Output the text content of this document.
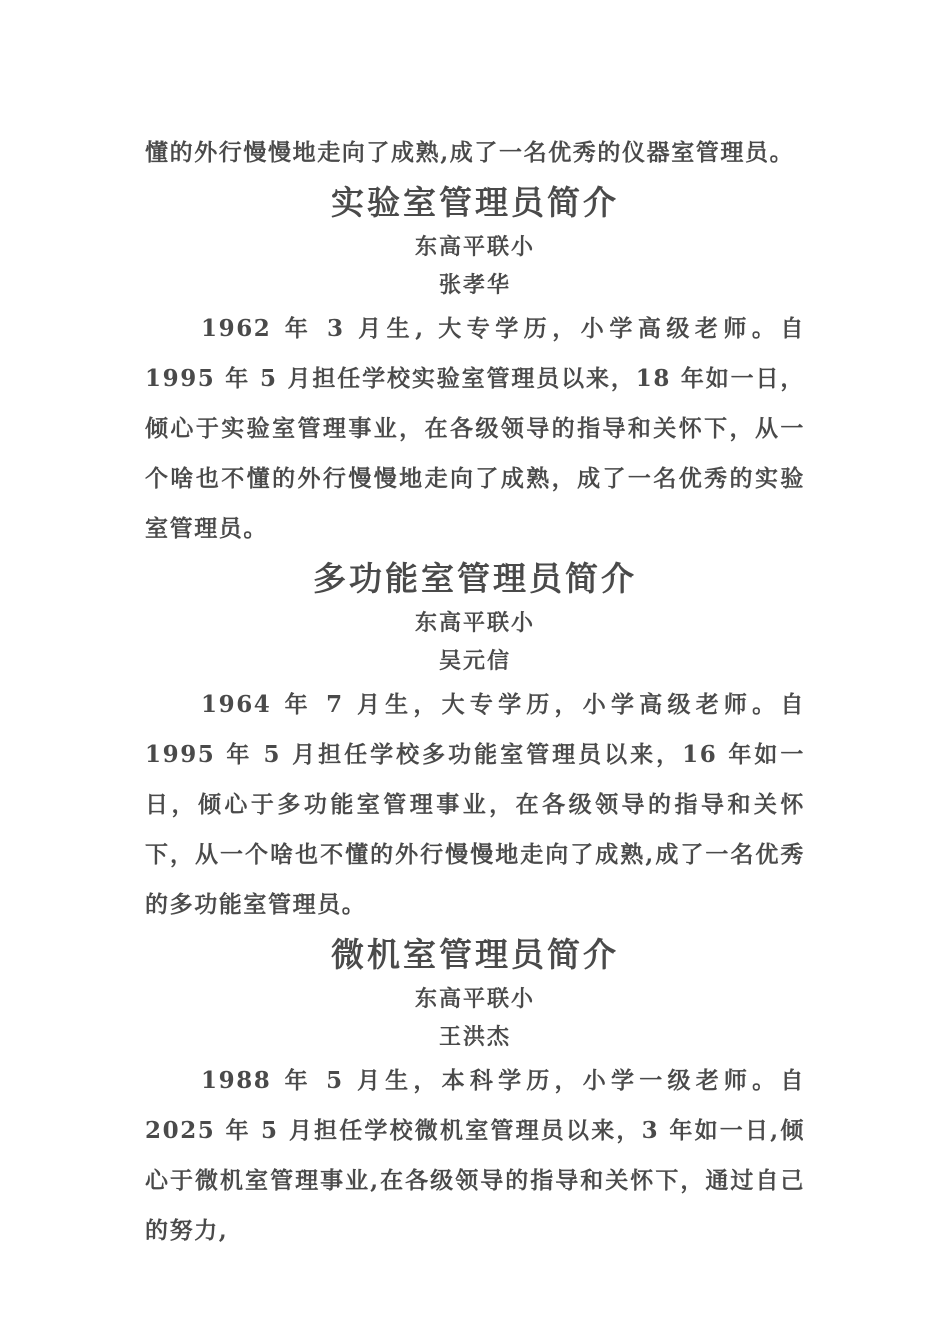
懂的外行慢慢地走向了成熟,成了一名优秀的仪器室管理员。

实验室管理员简介

东高平联小

张孝华

1962 年 3 月生, 大专学历，小学高级老师。自 1995 年 5 月担任学校实验室管理员以来，18 年如一日，倾心于实验室管理事业，在各级领导的指导和关怀下，从一个啥也不懂的外行慢慢地走向了成熟，成了一名优秀的实验室管理员。

多功能室管理员简介

东高平联小

吴元信

1964 年 7 月生，大专学历，小学高级老师。自 1995 年 5 月担任学校多功能室管理员以来，16 年如一日，倾心于多功能室管理事业，在各级领导的指导和关怀下，从一个啥也不懂的外行慢慢地走向了成熟,成了一名优秀的多功能室管理员。

微机室管理员简介

东高平联小

王洪杰

1988 年 5 月生，本科学历，小学一级老师。自 2025 年 5 月担任学校微机室管理员以来，3 年如一日,倾心于微机室管理事业,在各级领导的指导和关怀下，通过自己的努力,
